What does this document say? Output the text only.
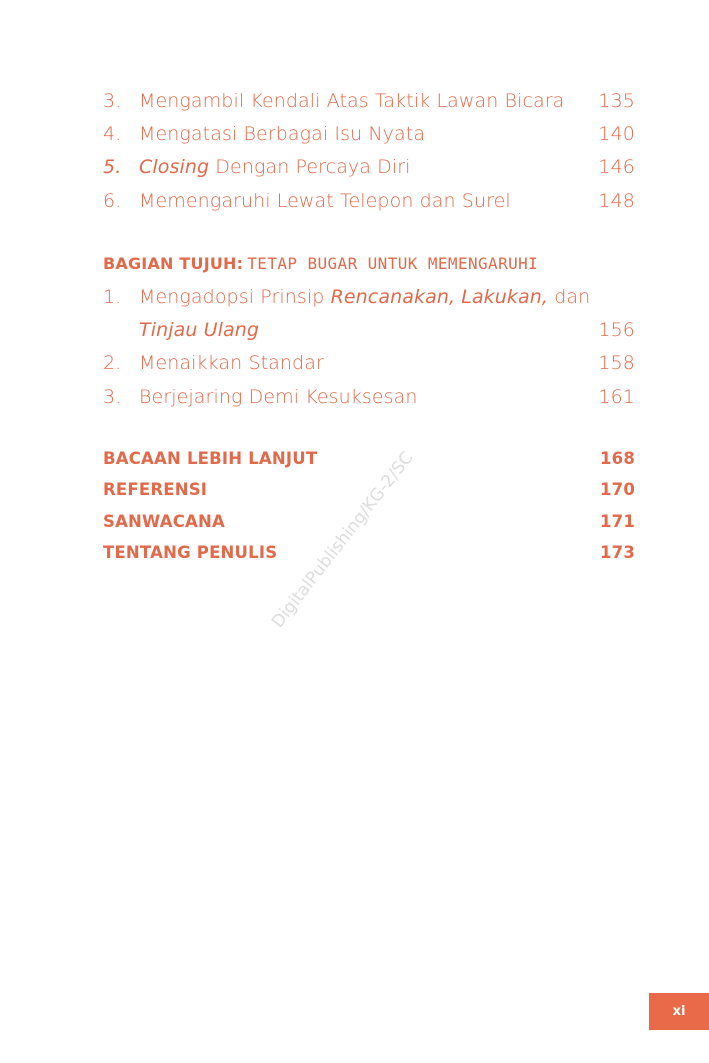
3. Mengambil Kendali Atas Taktik Lawan Bicara 135
4. Mengatasi Berbagai Isu Nyata	140
5. Closing Dengan Percaya Diri	146
6. Memengaruhi Lewat Telepon dan Surel	148
BAGIAN TUJUH: TETAP BUGAR UNTUK MEMENGARUHI
1. Mengadopsi Prinsip Rencanakan, Lakukan, dan
Tinjau Ulang	156
2. Menaikkan Standar	158
3. Berjejaring Demi Kesuksesan	161
BACAAN LEBIH LANJUT	168
REFERENSI	170
SANWACANA	171
TENTANG PENULIS	173
DigitalPublishing/KG-2/SC
xi
